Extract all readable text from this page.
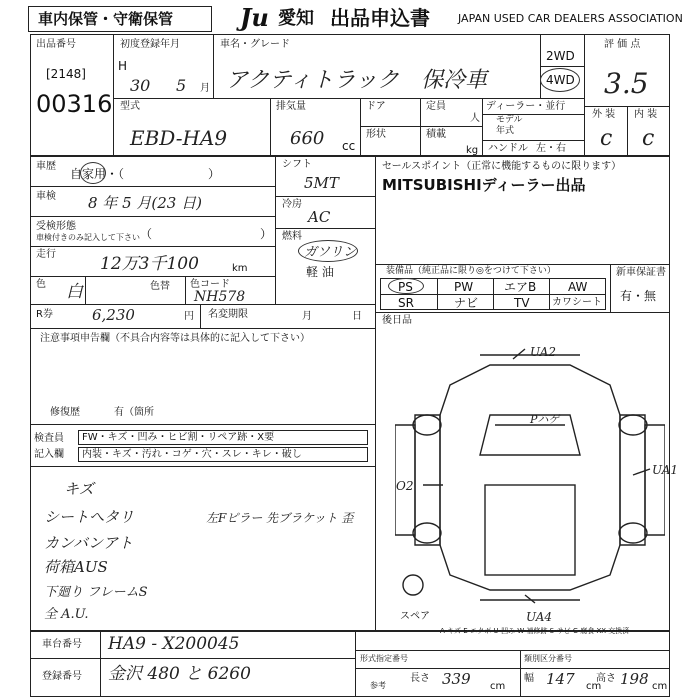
車内保管・守衛保管	Ju 愛知 出品申込書	JAPAN USED CAR DEALERS ASSOCIATION
出品番号
[2148]
00316
初度登録年月
H
30 5 月
車名・グレード
アクティトラック　保冷車
2WD
4WD
評 価 点
3.5
外 装 内 装
c c
型式
EBD-HA9
排気量
660 cc
ドア	定員
人
形状	積載
kg
ディーラー・並行
モデル
年式
ハンドル 左・右
車歴
自家用・（　　　　　　　）
車検 8 年 5 月(23 日)
受検形態
車検付きのみ記入して下さい （　　　　　　　　　）
走行	12万3千100	km
色 白	色替 色コード
NH578
シフト
5MT
冷房
AC
燃料
ガソリン
軽 油
R券	6,230	円 名変期限	月	日
注意事項申告欄（不具合内容等は具体的に記入して下さい）
修復歴	有（箇所
検査員
記入欄
FW・キズ・凹み・ヒビ割・リペア跡・X要
内装・キズ・汚れ・コゲ・穴・スレ・キレ・破し
キズ　
シートへタリ	左Fピラー 先ブラケット 歪
カンバンアト
荷箱AUS
下廻り フレームS
全 A.U.
セールスポイント（正常に機能するものに限ります）
MITSUBISHIディーラー出品
装備品（純正品に限り◎をつけて下さい）
PS	PW	エアB	AW
SR	ナビ	TV カワシート
新車保証書
有・無
後日品
UA2
Pハゲ
O2
UA1
UA4
スペア
A-キズ E-エクボ U-凹み W-補修跡 S-サビ C-腐食 XX-交換済
車台番号 HA9 - X200045
登録番号 金沢 480 と 6260
形式指定番号	類別区分番号
参考
長さ 339 cm
幅 147 cm
高さ 198 cm
